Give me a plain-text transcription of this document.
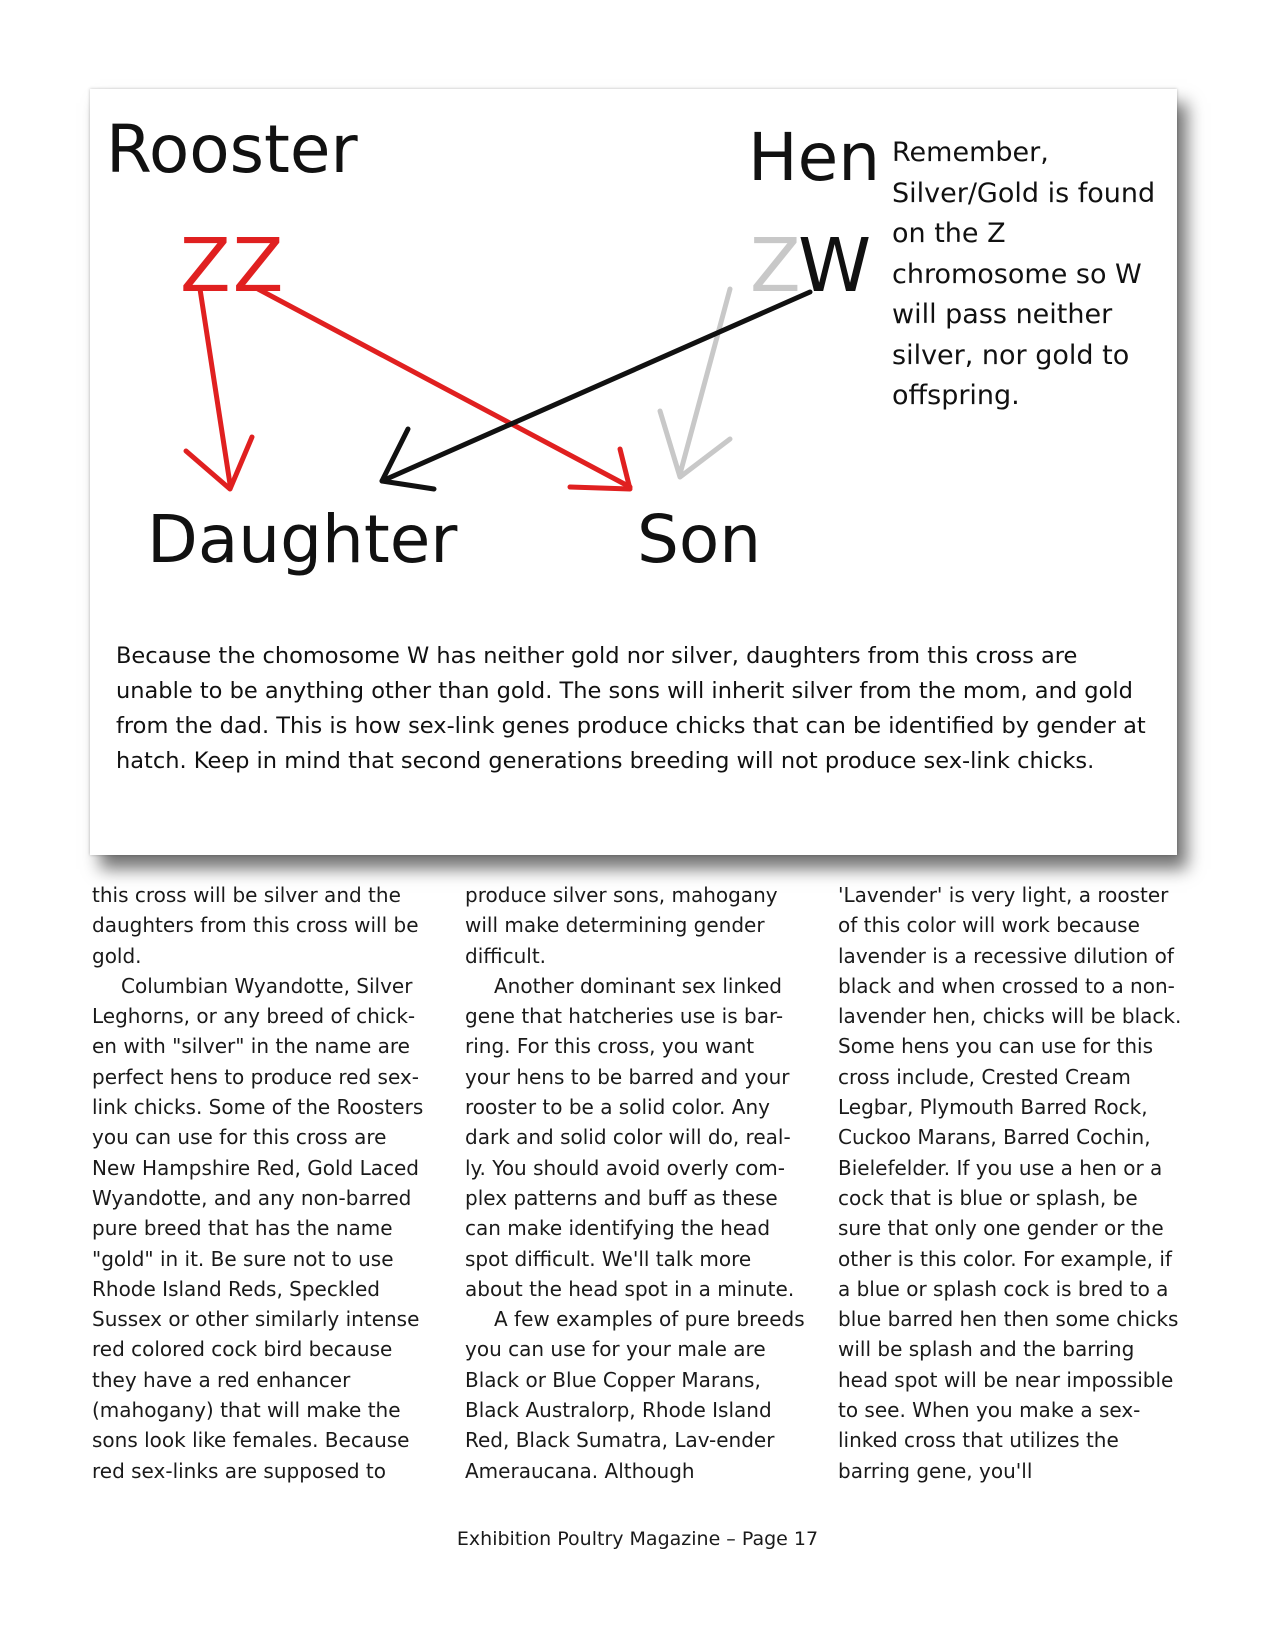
Rooster	Hen
ZZ	Z
W
Remember, Silver/Gold is found on the Z chromosome so W will pass neither silver, nor gold to offspring.
Daughter	Son
Because the chomosome W has neither gold nor silver, daughters from this cross are unable to be anything other than gold. The sons will inherit silver from the mom, and gold from the dad. This is how sex-link genes produce chicks that can be identified by gender at hatch. Keep in mind that second generations breeding will not produce sex-link chicks.

this cross will be silver and the daughters from this cross will be gold.

Columbian Wyandotte, Silver Leghorns, or any breed of chick-en with "silver" in the name are perfect hens to produce red sex-link chicks. Some of the Roosters you can use for this cross are New Hampshire Red, Gold Laced Wyandotte, and any non-barred pure breed that has the name "gold" in it. Be sure not to use Rhode Island Reds, Speckled Sussex or other similarly intense red colored cock bird because they have a red enhancer (mahogany) that will make the sons look like females. Because red sex-links are supposed to

produce silver sons, mahogany will make determining gender difficult.

Another dominant sex linked gene that hatcheries use is bar-ring. For this cross, you want your hens to be barred and your rooster to be a solid color. Any dark and solid color will do, real-ly. You should avoid overly com-plex patterns and buff as these can make identifying the head spot difficult. We'll talk more about the head spot in a minute.

A few examples of pure breeds you can use for your male are Black or Blue Copper Marans, Black Australorp, Rhode Island Red, Black Sumatra, Lav-ender Ameraucana. Although

'Lavender' is very light, a rooster of this color will work because lavender is a recessive dilution of black and when crossed to a non-lavender hen, chicks will be black. Some hens you can use for this cross include, Crested Cream Legbar, Plymouth Barred Rock, Cuckoo Marans, Barred Cochin, Bielefelder. If you use a hen or a cock that is blue or splash, be sure that only one gender or the other is this color. For example, if a blue or splash cock is bred to a blue barred hen then some chicks will be splash and the barring head spot will be near impossible to see. When you make a sex-linked cross that utilizes the barring gene, you'll

Exhibition Poultry Magazine – Page 17
